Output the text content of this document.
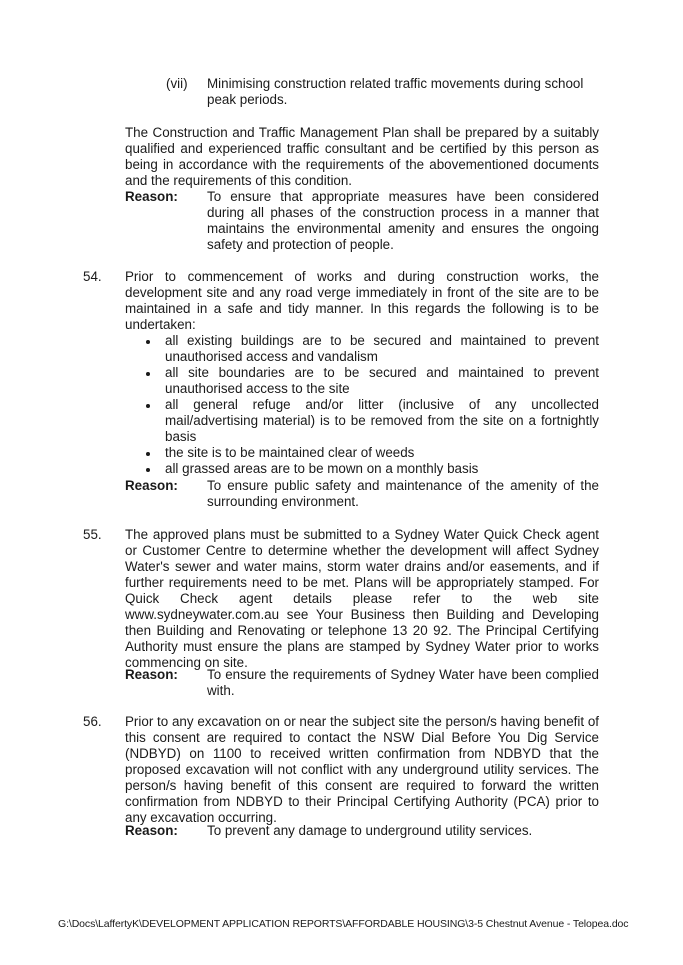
(vii) Minimising construction related traffic movements during school peak periods.
The Construction and Traffic Management Plan shall be prepared by a suitably qualified and experienced traffic consultant and be certified by this person as being in accordance with the requirements of the abovementioned documents and the requirements of this condition.
Reason: To ensure that appropriate measures have been considered during all phases of the construction process in a manner that maintains the environmental amenity and ensures the ongoing safety and protection of people.
54. Prior to commencement of works and during construction works, the development site and any road verge immediately in front of the site are to be maintained in a safe and tidy manner. In this regards the following is to be undertaken:
all existing buildings are to be secured and maintained to prevent unauthorised access and vandalism
all site boundaries are to be secured and maintained to prevent unauthorised access to the site
all general refuge and/or litter (inclusive of any uncollected mail/advertising material) is to be removed from the site on a fortnightly basis
the site is to be maintained clear of weeds
all grassed areas are to be mown on a monthly basis
Reason: To ensure public safety and maintenance of the amenity of the surrounding environment.
55. The approved plans must be submitted to a Sydney Water Quick Check agent or Customer Centre to determine whether the development will affect Sydney Water's sewer and water mains, storm water drains and/or easements, and if further requirements need to be met. Plans will be appropriately stamped. For Quick Check agent details please refer to the web site www.sydneywater.com.au see Your Business then Building and Developing then Building and Renovating or telephone 13 20 92. The Principal Certifying Authority must ensure the plans are stamped by Sydney Water prior to works commencing on site.
Reason: To ensure the requirements of Sydney Water have been complied with.
56. Prior to any excavation on or near the subject site the person/s having benefit of this consent are required to contact the NSW Dial Before You Dig Service (NDBYD) on 1100 to received written confirmation from NDBYD that the proposed excavation will not conflict with any underground utility services. The person/s having benefit of this consent are required to forward the written confirmation from NDBYD to their Principal Certifying Authority (PCA) prior to any excavation occurring.
Reason: To prevent any damage to underground utility services.
G:\Docs\LaffertyK\DEVELOPMENT APPLICATION REPORTS\AFFORDABLE HOUSING\3-5 Chestnut Avenue - Telopea.doc
